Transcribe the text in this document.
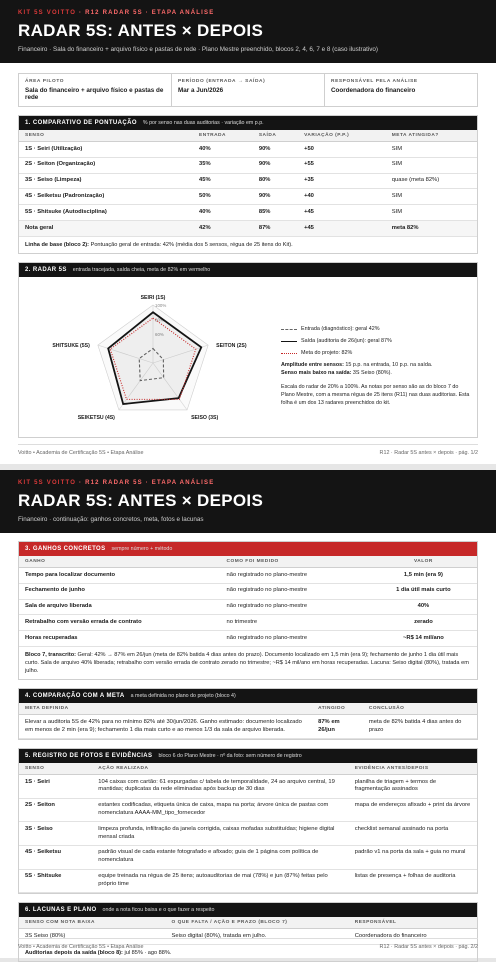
KIT 5S VOITTO · R12 RADAR 5S · ETAPA ANÁLISE
RADAR 5S: ANTES × DEPOIS
Financeiro · Sala do financeiro + arquivo físico e pastas de rede · Plano Mestre preenchido, blocos 2, 4, 6, 7 e 8 (caso ilustrativo)
ÁREA PILOTO
Sala do financeiro + arquivo físico e pastas de rede
PERÍODO (ENTRADA → SAÍDA)
Mar a Jun/2026
RESPONSÁVEL PELA ANÁLISE
Coordenadora do financeiro
1. COMPARATIVO DE PONTUAÇÃO % por senso nas duas auditorias · variação em p.p.
SENSO	ENTRADA	SAÍDA	VARIAÇÃO (P.P.)	META ATINGIDA?
1S · Seiri (Utilização)	40%	90%	+50	SIM
2S · Seiton (Organização)	35%	90%	+55	SIM
3S · Seiso (Limpeza)	45%	80%	+35	quase (meta 82%)
4S · Seiketsu (Padronização)	50%	90%	+40	SIM
5S · Shitsuke (Autodisciplina)	40%	85%	+45	SIM
Nota geral	42%	87%	+45	meta 82%
Linha de base (bloco 2): Pontuação geral de entrada: 42% (média dos 5 sensos, régua de 25 itens do Kit).
2. RADAR 5S entrada tracejada, saída cheia, meta de 82% em vermelho
100%
SEIRI (1S)
SEITON (2S)
SEISO (3S)
SEIKETSU (4S)
SHITSUKE (5S)
Entrada (diagnóstico): geral 42%
Saída (auditoria de 26/jun): geral 87%
Meta do projeto: 82%
Amplitude entre sensos: 15 p.p. na entrada, 10 p.p. na saída.
Senso mais baixo na saída: 3S Seiso (80%).
Escala do radar de 20% a 100%. As notas por senso são as do bloco 7 do Plano Mestre, com a mesma régua de 25 itens (R11) nas duas auditorias. Esta folha é um dos 13 radares preenchidos do kit.
Voitto • Academia de Certificação 5S • Etapa Análise	R12 · Radar 5S antes × depois · pág. 1/2
KIT 5S VOITTO · R12 RADAR 5S · ETAPA ANÁLISE
RADAR 5S: ANTES × DEPOIS
Financeiro · continuação: ganhos concretos, meta, fotos e lacunas
3. GANHOS CONCRETOS sempre número + método
GANHO	COMO FOI MEDIDO	VALOR
Tempo para localizar documento	não registrado no plano-mestre	1,5 min (era 9)
Fechamento de junho	não registrado no plano-mestre	1 dia útil mais curto
Sala de arquivo liberada	não registrado no plano-mestre	40%
Retrabalho com versão errada de contrato	no trimestre	zerado
Horas recuperadas	não registrado no plano-mestre	~R$ 14 mil/ano
Bloco 7, transcrito: Geral: 42% → 87% em 26/jun (meta de 82% batida 4 dias antes do prazo). Documento localizado em 1,5 min (era 9); fechamento de junho 1 dia útil mais curto. Sala de arquivo 40% liberada; retrabalho com versão errada de contrato zerado no trimestre; ~R$ 14 mil/ano em horas recuperadas. Lacuna: Seiso digital (80%), tratada em julho.
4. COMPARAÇÃO COM A META a meta definida no plano do projeto (bloco 4)
META DEFINIDA	ATINGIDO	CONCLUSÃO
Elevar a auditoria 5S de 42% para no mínimo 82% até 30/jun/2026. Ganho estimado: documento localizado em menos de 2 min (era 9); fechamento 1 dia mais curto e ao menos 1/3 da sala de arquivo liberada.	87% em 26/jun	meta de 82% batida 4 dias antes do prazo
5. REGISTRO DE FOTOS E EVIDÊNCIAS bloco 6 do Plano Mestre · nº da foto: sem número de registro
SENSO	AÇÃO REALIZADA	EVIDÊNCIA ANTES/DEPOIS
1S · Seiri	104 caixas com cartão: 61 expurgadas c/ tabela de temporalidade, 24 ao arquivo central, 19 mantidas; duplicatas da rede eliminadas após backup de 30 dias	planilha de triagem + termos de fragmentação assinados
2S · Seiton	estantes codificadas, etiqueta única de caixa, mapa na porta; árvore única de pastas com nomenclatura AAAA-MM_tipo_fornecedor	mapa de endereços afixado + print da árvore
3S · Seiso	limpeza profunda, infiltração da janela corrigida, caixas mofadas substituídas; higiene digital mensal criada	checklist semanal assinado na porta
4S · Seiketsu	padrão visual de cada estante fotografado e afixado; guia de 1 página com política de nomenclatura	padrão v1 na porta da sala + guia no mural
5S · Shitsuke	equipe treinada na régua de 25 itens; autoauditorias de mai (78%) e jun (87%) feitas pelo próprio time	listas de presença + folhas de auditoria
6. LACUNAS E PLANO onde a nota ficou baixa e o que fazer a respeito
SENSO COM NOTA BAIXA	O QUE FALTA / AÇÃO E PRAZO (BLOCO 7)	RESPONSÁVEL
3S Seiso (80%)	Seiso digital (80%), tratada em julho.	Coordenadora do financeiro
Auditorias depois da saída (bloco 8): jul 85% · ago 88%.
Voitto • Academia de Certificação 5S • Etapa Análise	R12 · Radar 5S antes × depois · pág. 2/2
